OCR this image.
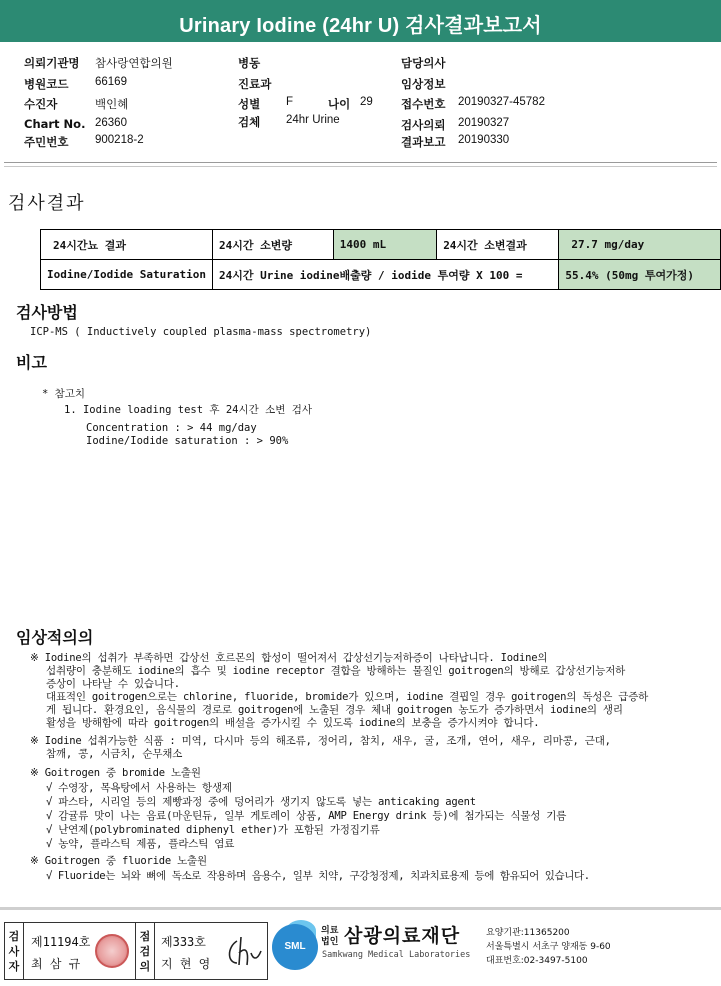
Urinary Iodine (24hr U) 검사결과보고서
의뢰기관명 참사랑연합의원
병원코드 66169
수진자	백인혜
Chart No. 26360
주민번호 900218-2
병동
진료과
성별 F	나이 29
검체 24hr Urine
담당의사
임상정보
접수번호 20190327-45782
검사의뢰 20190327
결과보고 20190330
검사결과
24시간뇨 결과	24시간 소변량	1400 mL	24시간 소변결과	27.7 mg/day
Iodine/Iodide Saturation	24시간 Urine iodine배출량 / iodide 투여량 X 100 =			55.4% (50mg 투여가정)
검사방법
ICP-MS ( Inductively coupled plasma-mass spectrometry)
비고
* 참고치
1. Iodine loading test 후 24시간 소변 검사
Concentration : > 44 mg/day
Iodine/Iodide saturation : > 90%
임상적의의
※ Iodine의 섭취가 부족하면 갑상선 호르몬의 합성이 떨어져서 갑상선기능저하증이 나타납니다. Iodine의
섭취량이 충분해도 iodine의 흡수 및 iodine receptor 결합을 방해하는 물질인 goitrogen의 방해로 갑상선기능저하
증상이 나타날 수 있습니다.
대표적인 goitrogen으로는 chlorine, fluoride, bromide가 있으며, iodine 결핍일 경우 goitrogen의 독성은 급증하
게 됩니다. 환경요인, 음식물의 경로로 goitrogen에 노출된 경우 체내 goitrogen 농도가 증가하면서 iodine의 생리
활성을 방해함에 따라 goitrogen의 배설을 증가시킬 수 있도록 iodine의 보충을 증가시켜야 합니다.
※ Iodine 섭취가능한 식품 : 미역, 다시마 등의 해조류, 정어리, 참치, 새우, 굴, 조개, 연어, 새우, 리마콩, 근대,
참깨, 콩, 시금치, 순무채소
※ Goitrogen 중 bromide 노출원
√ 수영장, 목욕탕에서 사용하는 항생제
√ 파스타, 시리얼 등의 제빵과정 중에 덩어리가 생기지 않도록 넣는 anticaking agent
√ 감귤류 맛이 나는 음료(마운틴듀, 일부 게토레이 상품, AMP Energy drink 등)에 첨가되는 식물성 기름
√ 난연제(polybrominated diphenyl ether)가 포함된 가정집기류
√ 농약, 플라스틱 제품, 플라스틱 염료
※ Goitrogen 중 fluoride 노출원
√ Fluoride는 뇌와 뼈에 독소로 작용하며 음용수, 일부 치약, 구강청정제, 치과치료용제 등에 함유되어 있습니다.
검
사
자
제11194호
최 삼 규
점
검
의
제333호
지 현 영
SML
의료
법인 삼광의료재단
Samkwang Medical Laboratories
요양기관:11365200
서울특별시 서초구 양재동 9-60
대표번호:02-3497-5100
